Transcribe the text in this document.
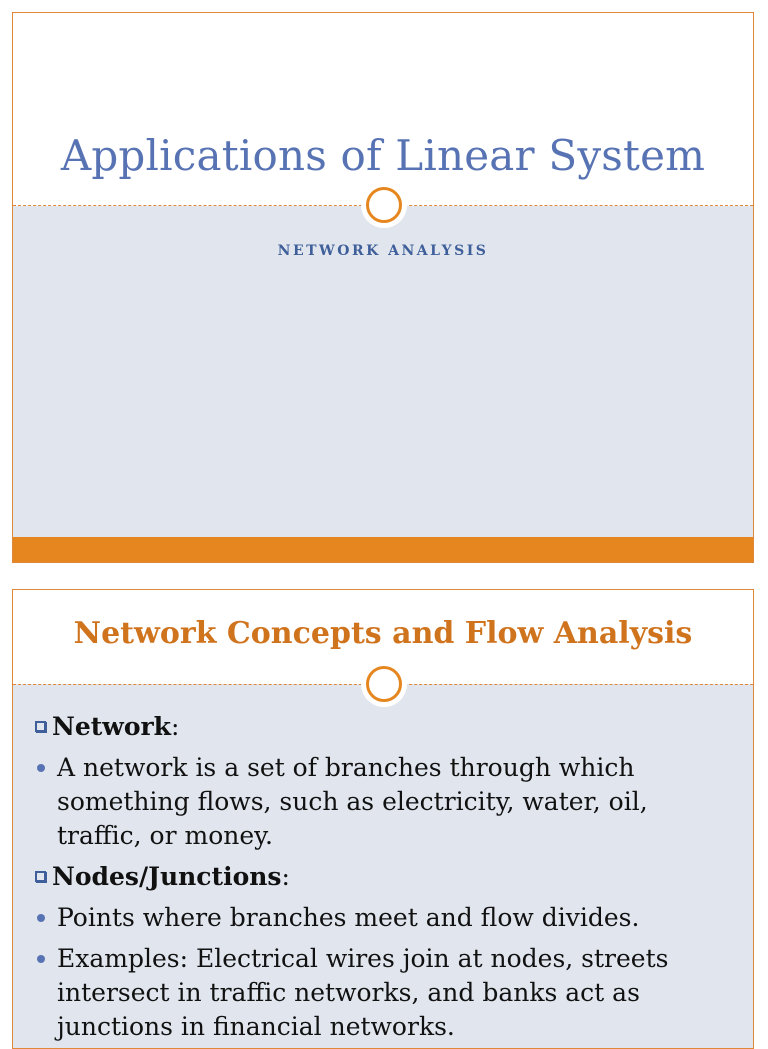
Applications of Linear System
NETWORK ANALYSIS
Network Concepts and Flow Analysis
Network:
A network is a set of branches through which something flows, such as electricity, water, oil, traffic, or money.
Nodes/Junctions:
Points where branches meet and flow divides.
Examples: Electrical wires join at nodes, streets intersect in traffic networks, and banks act as junctions in financial networks.
